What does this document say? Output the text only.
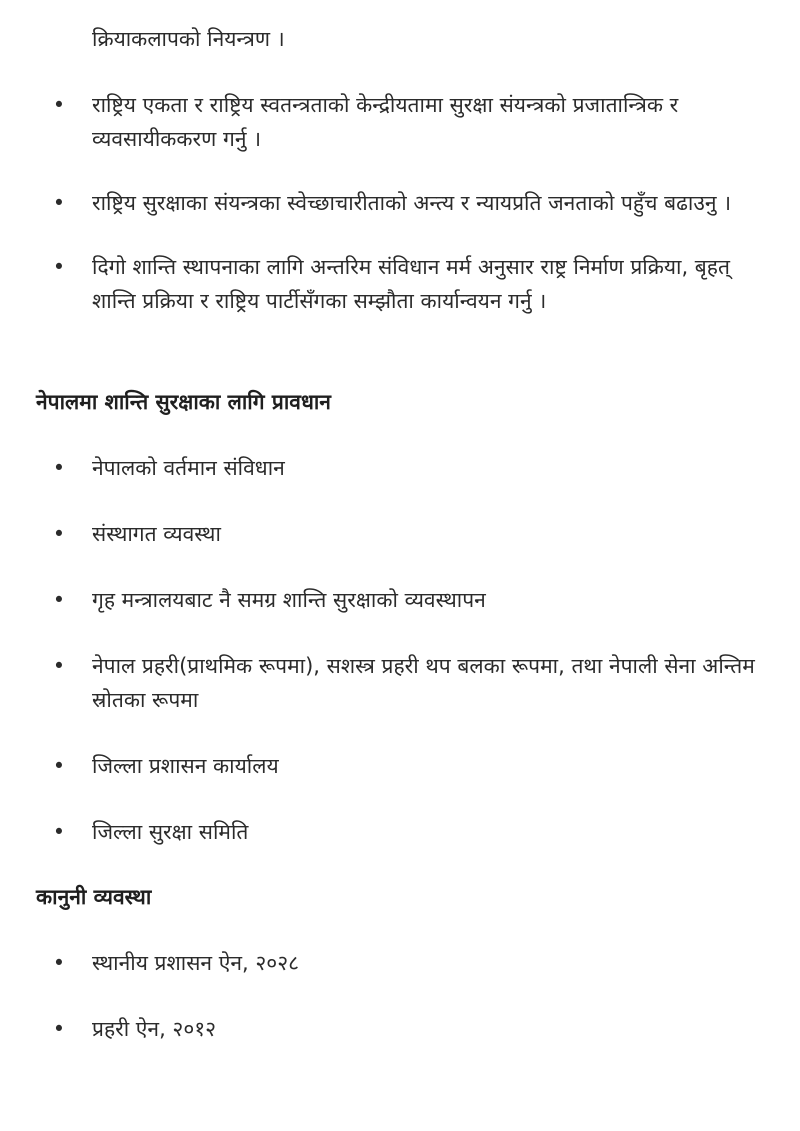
क्रियाकलापको नियन्त्रण ।
• राष्ट्रिय एकता र राष्ट्रिय स्वतन्त्रताको केन्द्रीयतामा सुरक्षा संयन्त्रको प्रजातान्त्रिक र व्यवसायीककरण गर्नु ।
• राष्ट्रिय सुरक्षाका संयन्त्रका स्वेच्छाचारीताको अन्त्य र न्यायप्रति जनताको पहुँच बढाउनु ।
• दिगो शान्ति स्थापनाका लागि अन्तरिम संविधान मर्म अनुसार राष्ट्र निर्माण प्रक्रिया, बृहत् शान्ति प्रक्रिया र राष्ट्रिय पार्टीसँगका सम्झौता कार्यान्वयन गर्नु ।
नेपालमा शान्ति सुरक्षाका लागि प्रावधान
• नेपालको वर्तमान संविधान
• संस्थागत व्यवस्था
• गृह मन्त्रालयबाट नै समग्र शान्ति सुरक्षाको व्यवस्थापन
• नेपाल प्रहरी(प्राथमिक रूपमा), सशस्त्र प्रहरी थप बलका रूपमा, तथा नेपाली सेना अन्तिम स्रोतका रूपमा
• जिल्ला प्रशासन कार्यालय
• जिल्ला सुरक्षा समिति
कानुनी व्यवस्था
• स्थानीय प्रशासन ऐन, २०२८
• प्रहरी ऐन, २०१२
